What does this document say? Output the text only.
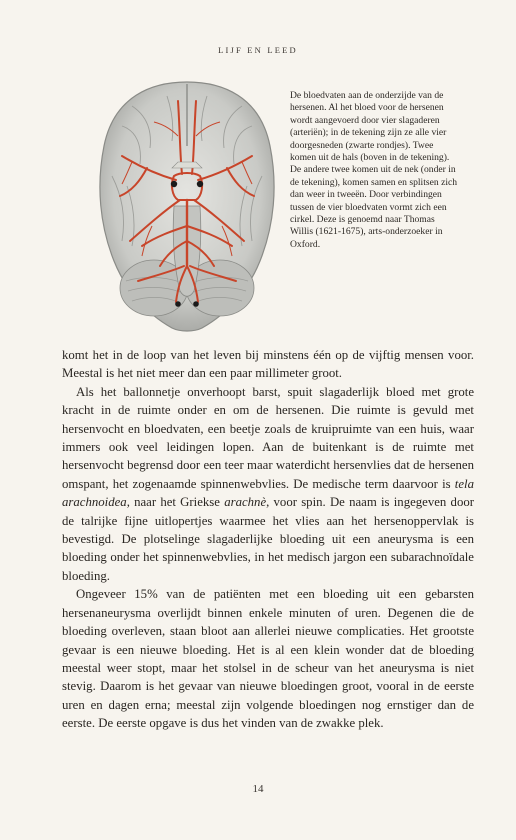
LIJF EN LEED
De bloedvaten aan de onderzijde van de hersenen. Al het bloed voor de hersenen wordt aangevoerd door vier slagaderen (arteriën); in de tekening zijn ze alle vier doorgesneden (zwarte rondjes). Twee komen uit de hals (boven in de tekening). De andere twee komen uit de nek (onder in de tekening), komen samen en splitsen zich dan weer in tweeën. Door verbindingen tussen de vier bloedvaten vormt zich een cirkel. Deze is genoemd naar Thomas Willis (1621-1675), arts-onderzoeker in Oxford.

komt het in de loop van het leven bij minstens één op de vijftig mensen voor. Meestal is het niet meer dan een paar millimeter groot.

Als het ballonnetje onverhoopt barst, spuit slagaderlijk bloed met grote kracht in de ruimte onder en om de hersenen. Die ruimte is gevuld met hersenvocht en bloedvaten, een beetje zoals de kruipruimte van een huis, waar immers ook veel leidingen lopen. Aan de buitenkant is de ruimte met hersenvocht begrensd door een teer maar waterdicht hersenvlies dat de hersenen omspant, het zogenaamde spinnenwebvlies. De medische term daarvoor is tela arachnoidea, naar het Griekse arachnè, voor spin. De naam is ingegeven door de talrijke fijne uitlopertjes waarmee het vlies aan het hersenoppervlak is bevestigd. De plotselinge slagaderlijke bloeding uit een aneurysma is een bloeding onder het spinnenwebvlies, in het medisch jargon een subarachnoïdale bloeding.

Ongeveer 15% van de patiënten met een bloeding uit een gebarsten hersenaneurysma overlijdt binnen enkele minuten of uren. Degenen die de bloeding overleven, staan bloot aan allerlei nieuwe complicaties. Het grootste gevaar is een nieuwe bloeding. Het is al een klein wonder dat de bloeding meestal weer stopt, maar het stolsel in de scheur van het aneurysma is niet stevig. Daarom is het gevaar van nieuwe bloedingen groot, vooral in de eerste uren en dagen erna; meestal zijn volgende bloedingen nog ernstiger dan de eerste. De eerste opgave is dus het vinden van de zwakke plek.

14
